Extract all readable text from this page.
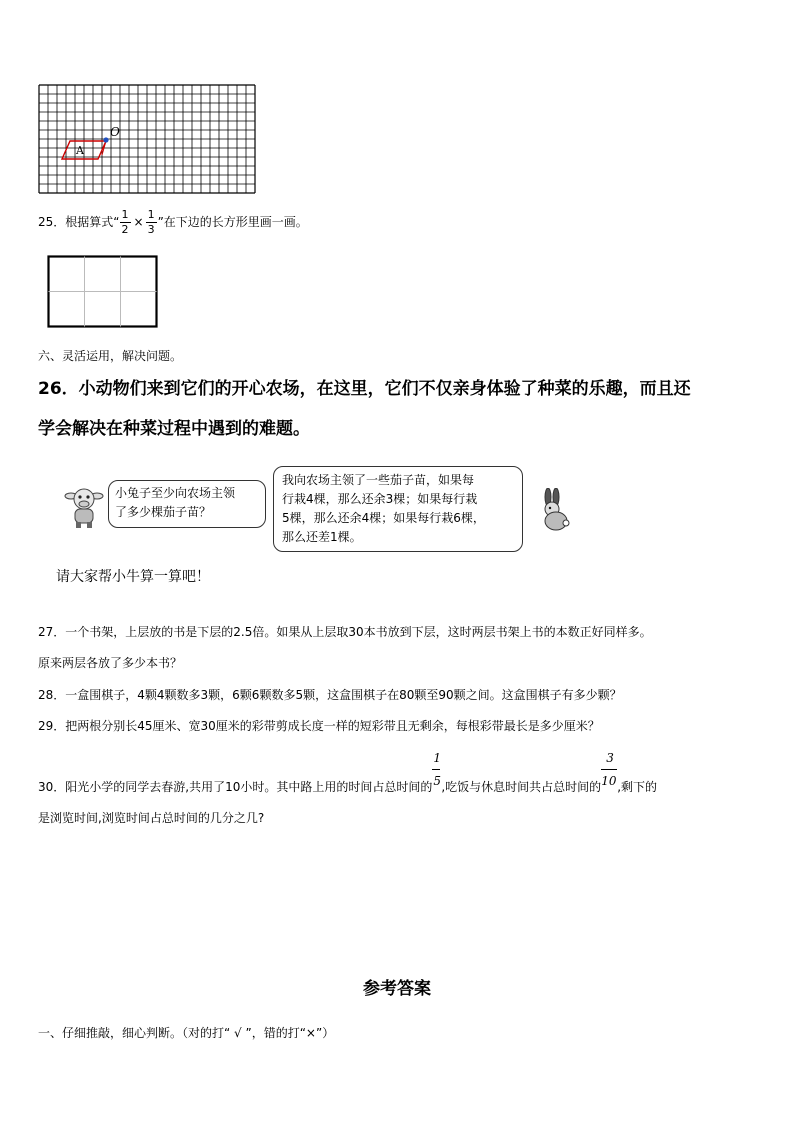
A
O
25．根据算式“
1
2 ×
1
3 ”在下边的长方形里画一画。
六、灵活运用，解决问题。
26．小动物们来到它们的开心农场，在这里，它们不仅亲身体验了种菜的乐趣，而且还
学会解决在种菜过程中遇到的难题。
小兔子至少向农场主领
了多少棵茄子苗？
我向农场主领了一些茄子苗，如果每
行栽4棵，那么还余3棵；如果每行栽
5棵，那么还余4棵；如果每行栽6棵，
那么还差1棵。
请大家帮小牛算一算吧！
27．一个书架，上层放的书是下层的2.5倍。如果从上层取30本书放到下层，这时两层书架上书的本数正好同样多。
原来两层各放了多少本书？
28．一盒围棋子，4颗4颗数多3颗，6颗6颗数多5颗，这盒围棋子在80颗至90颗之间。这盒围棋子有多少颗？
29．把两根分别长45厘米、宽30厘米的彩带剪成长度一样的短彩带且无剩余，每根彩带最长是多少厘米？
30．阳光小学的同学去春游,共用了10小时。其中路上用的时间占总时间的 $\frac{1}{5}$ ,吃饭与休息时间共占总时间的 $\frac{3}{10}$ ,剩下的
是浏览时间,浏览时间占总时间的几分之几?
参考答案
一、仔细推敲，细心判断。（对的打“ √ ”，错的打“×”）
